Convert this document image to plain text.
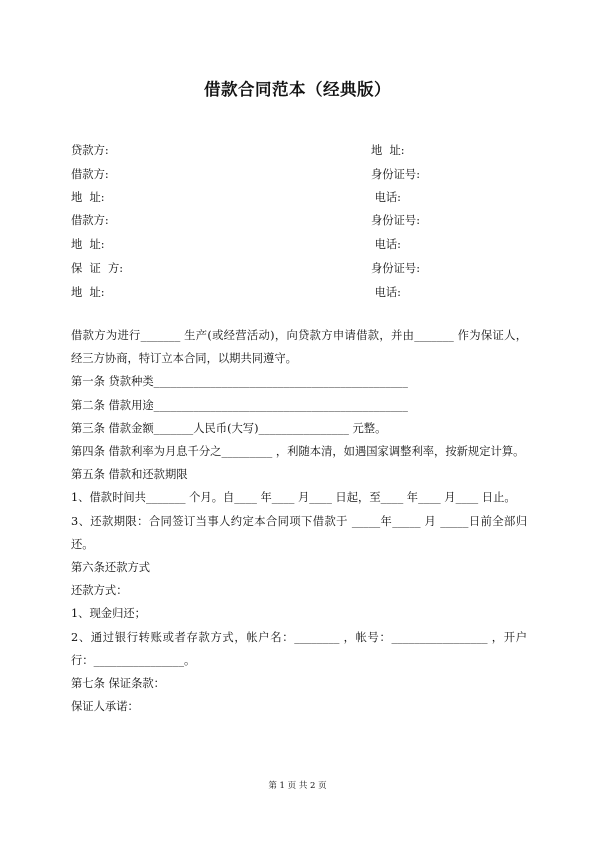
借款合同范本（经典版）
贷款方:	地  址:
借款方:	身份证号:
地  址:	电话:
借款方:	身份证号:
地  址:	电话:
保  证  方:	身份证号:
地  址:	电话:

借款方为进行_______ 生产(或经营活动)，向贷款方申请借款，并由_______ 作为保证人，经三方协商，特订立本合同，以期共同遵守。

第一条 贷款种类_____________________________________________

第二条 借款用途_____________________________________________

第三条 借款金额_______人民币(大写)________________ 元整。

第四条 借款利率为月息千分之_________ ，利随本清，如遇国家调整利率，按新规定计算。

第五条 借款和还款期限

1、借款时间共_______ 个月。自____ 年____ 月____ 日起，至____ 年____ 月____ 日止。

3、还款期限：合同签订当事人约定本合同项下借款于 _____年_____ 月 _____日前全部归还。

第六条还款方式

还款方式：

1、现金归还；

2、通过银行转账或者存款方式，帐户名：________ ，帐号：_________________ ，开户行：________________。

第七条 保证条款：

保证人承诺：

第 1 页 共 2 页
